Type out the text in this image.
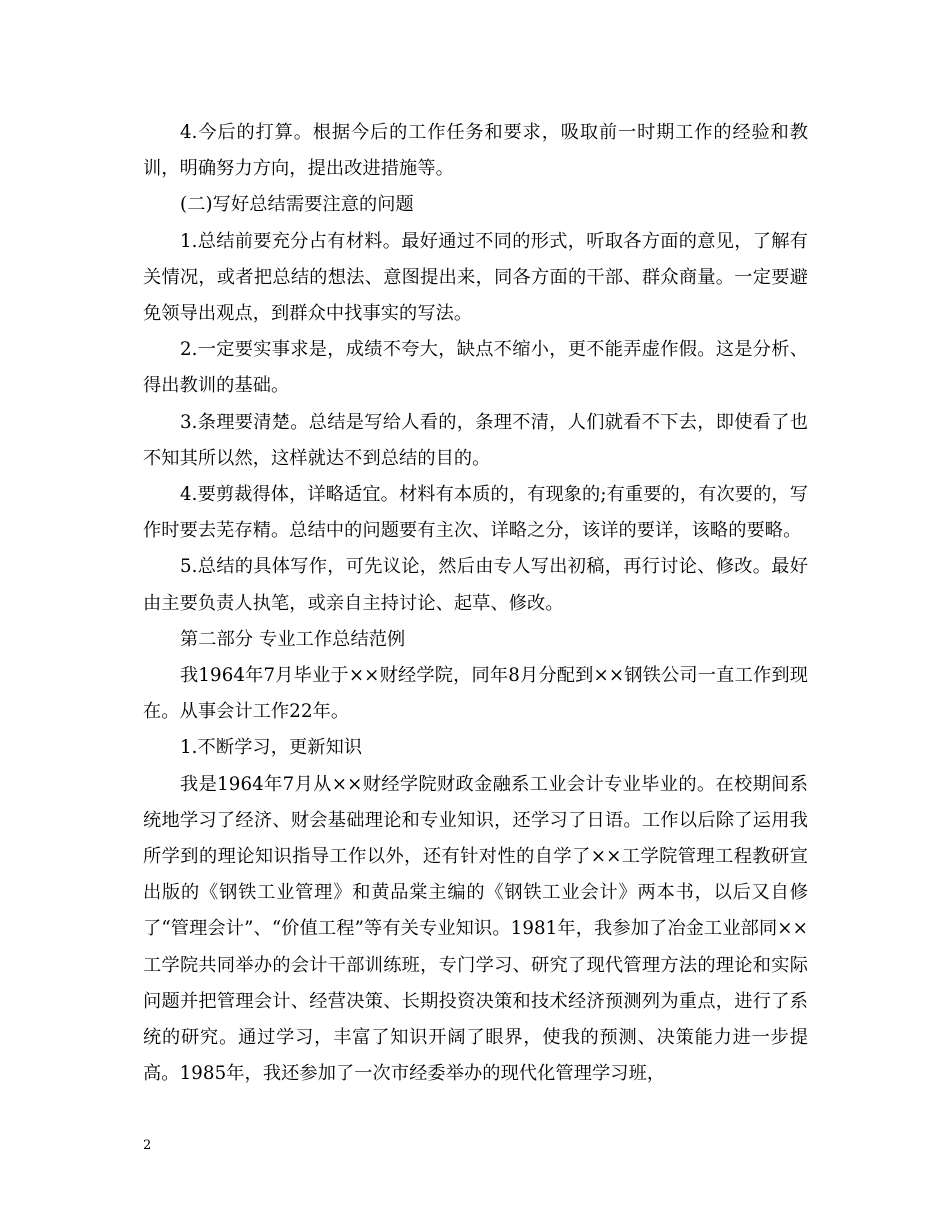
4.今后的打算。根据今后的工作任务和要求，吸取前一时期工作的经验和教训，明确努力方向，提出改进措施等。

(二)写好总结需要注意的问题

1.总结前要充分占有材料。最好通过不同的形式，听取各方面的意见，了解有关情况，或者把总结的想法、意图提出来，同各方面的干部、群众商量。一定要避免领导出观点，到群众中找事实的写法。

2.一定要实事求是，成绩不夸大，缺点不缩小，更不能弄虚作假。这是分析、得出教训的基础。

3.条理要清楚。总结是写给人看的，条理不清，人们就看不下去，即使看了也不知其所以然，这样就达不到总结的目的。

4.要剪裁得体，详略适宜。材料有本质的，有现象的;有重要的，有次要的，写作时要去芜存精。总结中的问题要有主次、详略之分，该详的要详，该略的要略。

5.总结的具体写作，可先议论，然后由专人写出初稿，再行讨论、修改。最好由主要负责人执笔，或亲自主持讨论、起草、修改。

第二部分 专业工作总结范例

我1964年7月毕业于××财经学院，同年8月分配到××钢铁公司一直工作到现在。从事会计工作22年。

1.不断学习，更新知识

我是1964年7月从××财经学院财政金融系工业会计专业毕业的。在校期间系统地学习了经济、财会基础理论和专业知识，还学习了日语。工作以后除了运用我所学到的理论知识指导工作以外，还有针对性的自学了××工学院管理工程教研宣出版的《钢铁工业管理》和黄品棠主编的《钢铁工业会计》两本书，以后又自修了“管理会计”、“价值工程”等有关专业知识。1981年，我参加了冶金工业部同××工学院共同举办的会计干部训练班，专门学习、研究了现代管理方法的理论和实际问题并把管理会计、经营决策、长期投资决策和技术经济预测列为重点，进行了系统的研究。通过学习，丰富了知识开阔了眼界，使我的预测、决策能力进一步提高。1985年，我还参加了一次市经委举办的现代化管理学习班，

2
